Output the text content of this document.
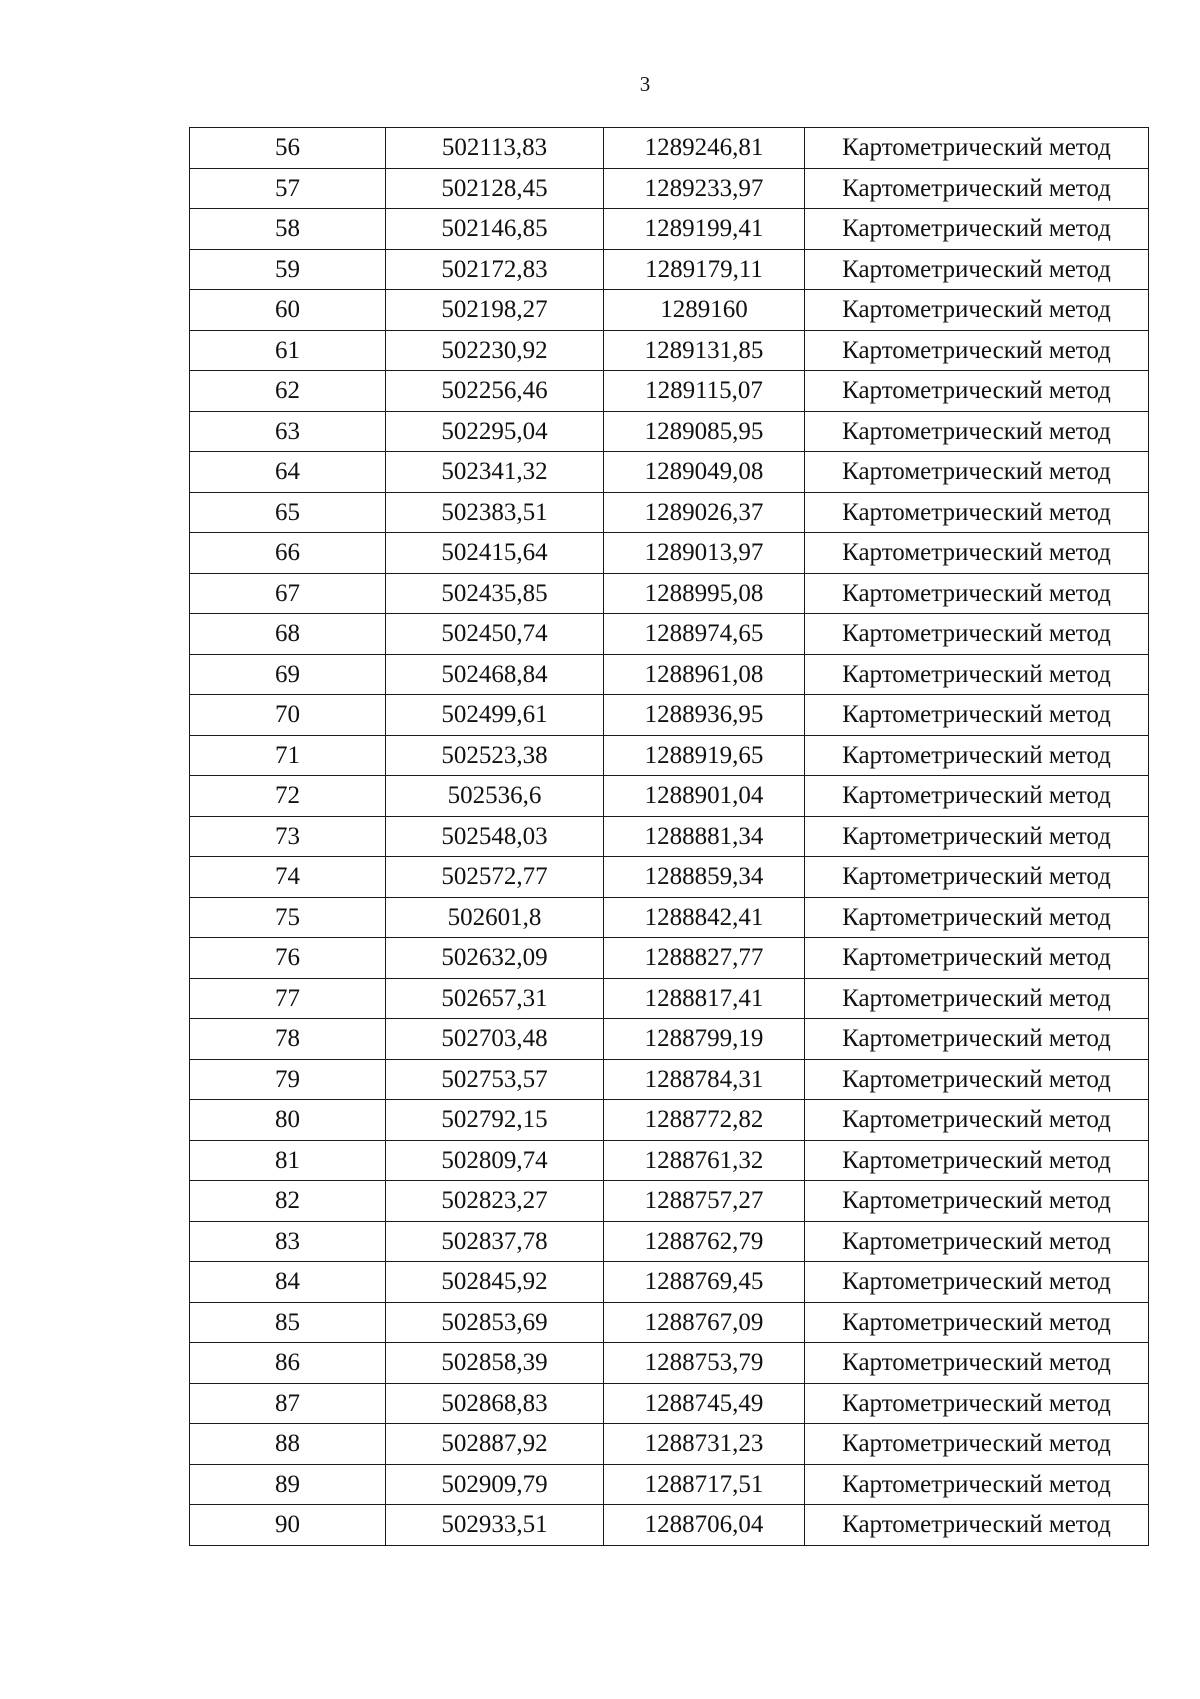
3
56	502113,83	1289246,81	Картометрический метод
57	502128,45	1289233,97	Картометрический метод
58	502146,85	1289199,41	Картометрический метод
59	502172,83	1289179,11	Картометрический метод
60	502198,27	1289160	Картометрический метод
61	502230,92	1289131,85	Картометрический метод
62	502256,46	1289115,07	Картометрический метод
63	502295,04	1289085,95	Картометрический метод
64	502341,32	1289049,08	Картометрический метод
65	502383,51	1289026,37	Картометрический метод
66	502415,64	1289013,97	Картометрический метод
67	502435,85	1288995,08	Картометрический метод
68	502450,74	1288974,65	Картометрический метод
69	502468,84	1288961,08	Картометрический метод
70	502499,61	1288936,95	Картометрический метод
71	502523,38	1288919,65	Картометрический метод
72	502536,6	1288901,04	Картометрический метод
73	502548,03	1288881,34	Картометрический метод
74	502572,77	1288859,34	Картометрический метод
75	502601,8	1288842,41	Картометрический метод
76	502632,09	1288827,77	Картометрический метод
77	502657,31	1288817,41	Картометрический метод
78	502703,48	1288799,19	Картометрический метод
79	502753,57	1288784,31	Картометрический метод
80	502792,15	1288772,82	Картометрический метод
81	502809,74	1288761,32	Картометрический метод
82	502823,27	1288757,27	Картометрический метод
83	502837,78	1288762,79	Картометрический метод
84	502845,92	1288769,45	Картометрический метод
85	502853,69	1288767,09	Картометрический метод
86	502858,39	1288753,79	Картометрический метод
87	502868,83	1288745,49	Картометрический метод
88	502887,92	1288731,23	Картометрический метод
89	502909,79	1288717,51	Картометрический метод
90	502933,51	1288706,04	Картометрический метод
